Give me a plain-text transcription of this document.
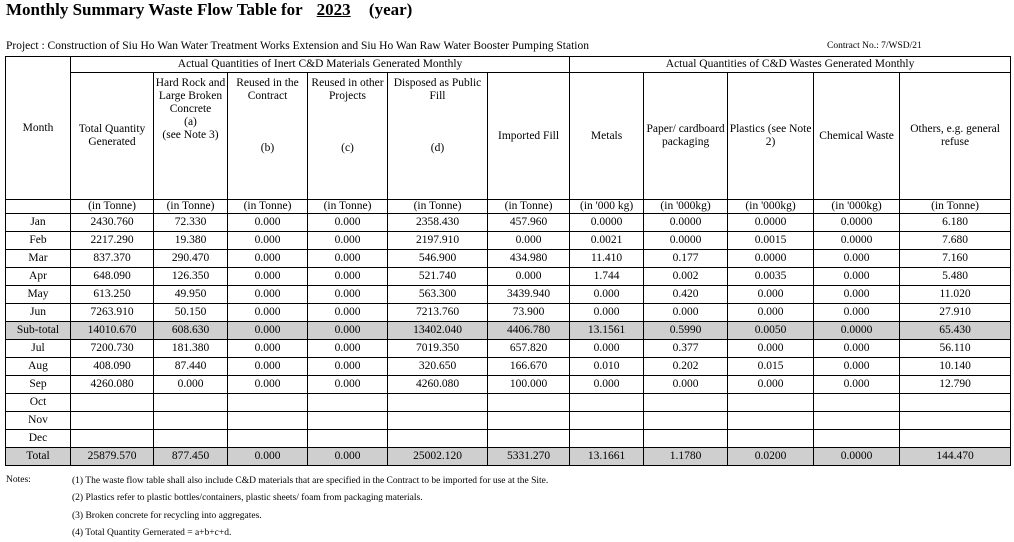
Monthly Summary Waste Flow Table for 2023 (year)
Project : Construction of Siu Ho Wan Water Treatment Works Extension and Siu Ho Wan Raw Water Booster Pumping Station	Contract No.: 7/WSD/21
Month	Actual Quantities of Inert C&D Materials Generated Monthly						Actual Quantities of C&D Wastes Generated Monthly				
	Total Quantity Generated	Hard Rock and Large Broken Concrete
(a)
(see Note 3)	Reused in the Contract
(b)	Reused in other Projects
(c)	Disposed as Public Fill
(d)	Imported Fill	Metals	Paper/ cardboard packaging	Plastics (see Note 2)	Chemical Waste	Others, e.g. general refuse
	(in Tonne)	(in Tonne)	(in Tonne)	(in Tonne)	(in Tonne)	(in Tonne)	(in '000 kg)	(in '000kg)	(in '000kg)	(in '000kg)	(in Tonne)
Jan	2430.760	72.330	0.000	0.000	2358.430	457.960	0.0000	0.0000	0.0000	0.0000	6.180
Feb	2217.290	19.380	0.000	0.000	2197.910	0.000	0.0021	0.0000	0.0015	0.0000	7.680
Mar	837.370	290.470	0.000	0.000	546.900	434.980	11.410	0.177	0.0000	0.000	7.160
Apr	648.090	126.350	0.000	0.000	521.740	0.000	1.744	0.002	0.0035	0.000	5.480
May	613.250	49.950	0.000	0.000	563.300	3439.940	0.000	0.420	0.000	0.000	11.020
Jun	7263.910	50.150	0.000	0.000	7213.760	73.900	0.000	0.000	0.000	0.000	27.910
Sub-total	14010.670	608.630	0.000	0.000	13402.040	4406.780	13.1561	0.5990	0.0050	0.0000	65.430
Jul	7200.730	181.380	0.000	0.000	7019.350	657.820	0.000	0.377	0.000	0.000	56.110
Aug	408.090	87.440	0.000	0.000	320.650	166.670	0.010	0.202	0.015	0.000	10.140
Sep	4260.080	0.000	0.000	0.000	4260.080	100.000	0.000	0.000	0.000	0.000	12.790
Oct											
Nov											
Dec											
Total	25879.570	877.450	0.000	0.000	25002.120	5331.270	13.1661	1.1780	0.0200	0.0000	144.470
Notes:	(1) The waste flow table shall also include C&D materials that are specified in the Contract to be imported for use at the Site.
(2) Plastics refer to plastic bottles/containers, plastic sheets/ foam from packaging materials.
(3) Broken concrete for recycling into aggregates.
(4) Total Quantity Gernerated = a+b+c+d.
